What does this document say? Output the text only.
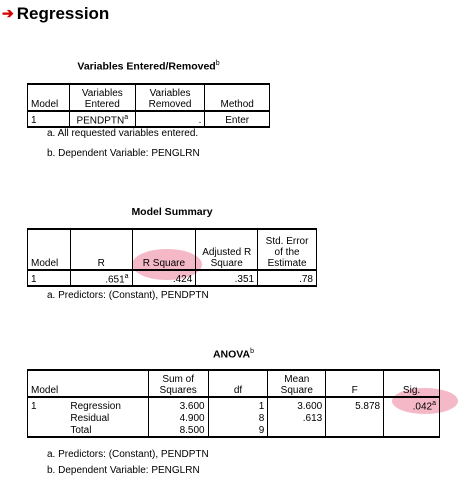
➔ Regression
Variables Entered/Removed$^b$
Model	Variables Entered	Variables Removed	Method
1	PENDPTN$^a$	.	Enter
a. All requested variables entered.
b. Dependent Variable: PENGLRN
Model Summary
Model	R	R Square	Adjusted R Square	Std. Error of the Estimate
1	.651$^a$	.424	.351	.78
a. Predictors: (Constant), PENDPTN
ANOVA$^b$
Model		Sum of Squares	df	Mean Square	F	Sig.
1	Regression	3.600	1	3.600	5.878	.042$^a$
	Residual	4.900	8	.613		
	Total	8.500	9			
a. Predictors: (Constant), PENDPTN
b. Dependent Variable: PENGLRN
